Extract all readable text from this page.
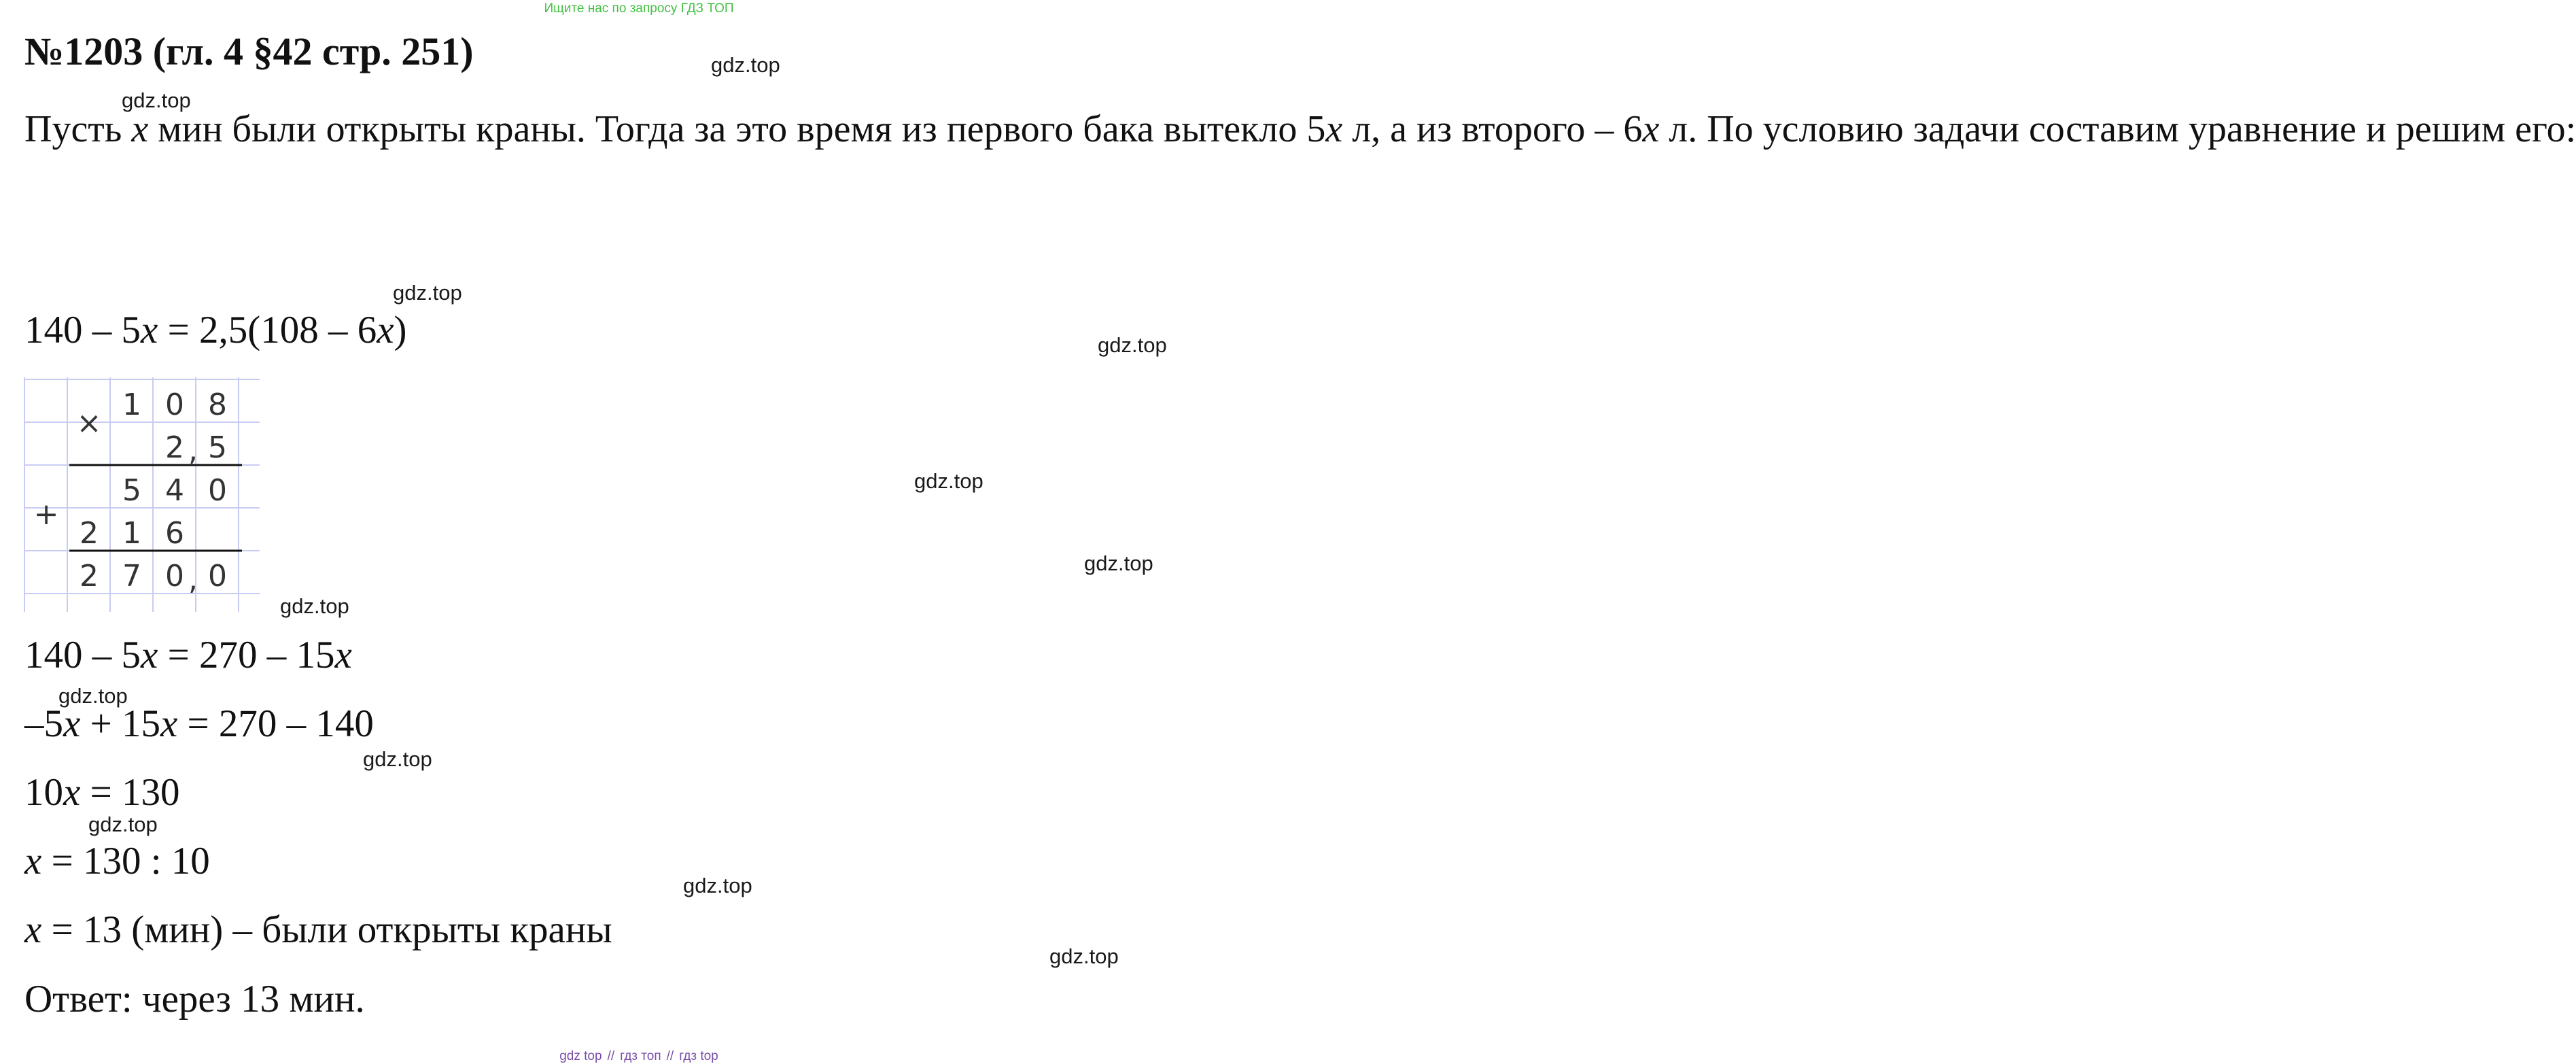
Ищите нас по запросу ГДЗ ТОП
№1203 (гл. 4 §42 стр. 251)
Пусть x мин были открыты краны. Тогда за это время из первого бака вытекло 5x л, а из второго – 6x л. По условию задачи составим уравнение и решим его:
140 – 5x = 2,5(108 – 6x)
×
+
1 0 8
2 , 5
5 4 0
2 1 6
2 7 0 , 0
140 – 5x = 270 – 15x
–5x + 15x = 270 – 140
10x = 130
x = 130 : 10
x = 13 (мин) – были открыты краны
Ответ: через 13 мин.
gdz.top
gdz.top
gdz.top
gdz.top
gdz.top
gdz.top
gdz.top
gdz.top
gdz.top
gdz.top
gdz.top
gdz.top
gdz top // гдз топ // гдз top
